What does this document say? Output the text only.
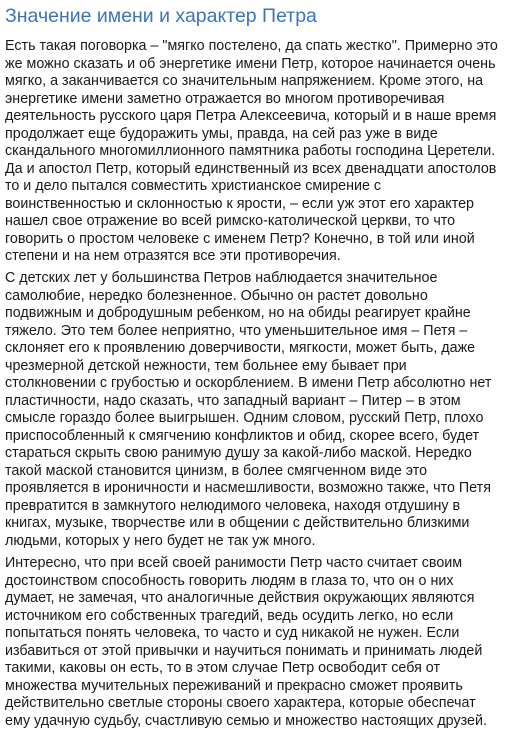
Значение имени и характер Петра

Есть такая поговорка – "мягко постелено, да спать жестко". Примерно это
же можно сказать и об энергетике имени Петр, которое начинается очень
мягко, а заканчивается со значительным напряжением. Кроме этого, на
энергетике имени заметно отражается во многом противоречивая
деятельность русского царя Петра Алексеевича, который и в наше время
продолжает еще будоражить умы, правда, на сей раз уже в виде
скандального многомиллионного памятника работы господина Церетели.
Да и апостол Петр, который единственный из всех двенадцати апостолов
то и дело пытался совместить христианское смирение с
воинственностью и склонностью к ярости, – если уж этот его характер
нашел свое отражение во всей римско-католической церкви, то что
говорить о простом человеке с именем Петр? Конечно, в той или иной
степени и на нем отразятся все эти противоречия.

С детских лет у большинства Петров наблюдается значительное
самолюбие, нередко болезненное. Обычно он растет довольно
подвижным и добродушным ребенком, но на обиды реагирует крайне
тяжело. Это тем более неприятно, что уменьшительное имя – Петя –
склоняет его к проявлению доверчивости, мягкости, может быть, даже
чрезмерной детской нежности, тем больнее ему бывает при
столкновении с грубостью и оскорблением. В имени Петр абсолютно нет
пластичности, надо сказать, что западный вариант – Питер – в этом
смысле гораздо более выигрышен. Одним словом, русский Петр, плохо
приспособленный к смягчению конфликтов и обид, скорее всего, будет
стараться скрыть свою ранимую душу за какой-либо маской. Нередко
такой маской становится цинизм, в более смягченном виде это
проявляется в ироничности и насмешливости, возможно также, что Петя
превратится в замкнутого нелюдимого человека, находя отдушину в
книгах, музыке, творчестве или в общении с действительно близкими
людьми, которых у него будет не так уж много.

Интересно, что при всей своей ранимости Петр часто считает своим
достоинством способность говорить людям в глаза то, что он о них
думает, не замечая, что аналогичные действия окружающих являются
источником его собственных трагедий, ведь осудить легко, но если
попытаться понять человека, то часто и суд никакой не нужен. Если
избавиться от этой привычки и научиться понимать и принимать людей
такими, каковы он есть, то в этом случае Петр освободит себя от
множества мучительных переживаний и прекрасно сможет проявить
действительно светлые стороны своего характера, которые обеспечат
ему удачную судьбу, счастливую семью и множество настоящих друзей.
